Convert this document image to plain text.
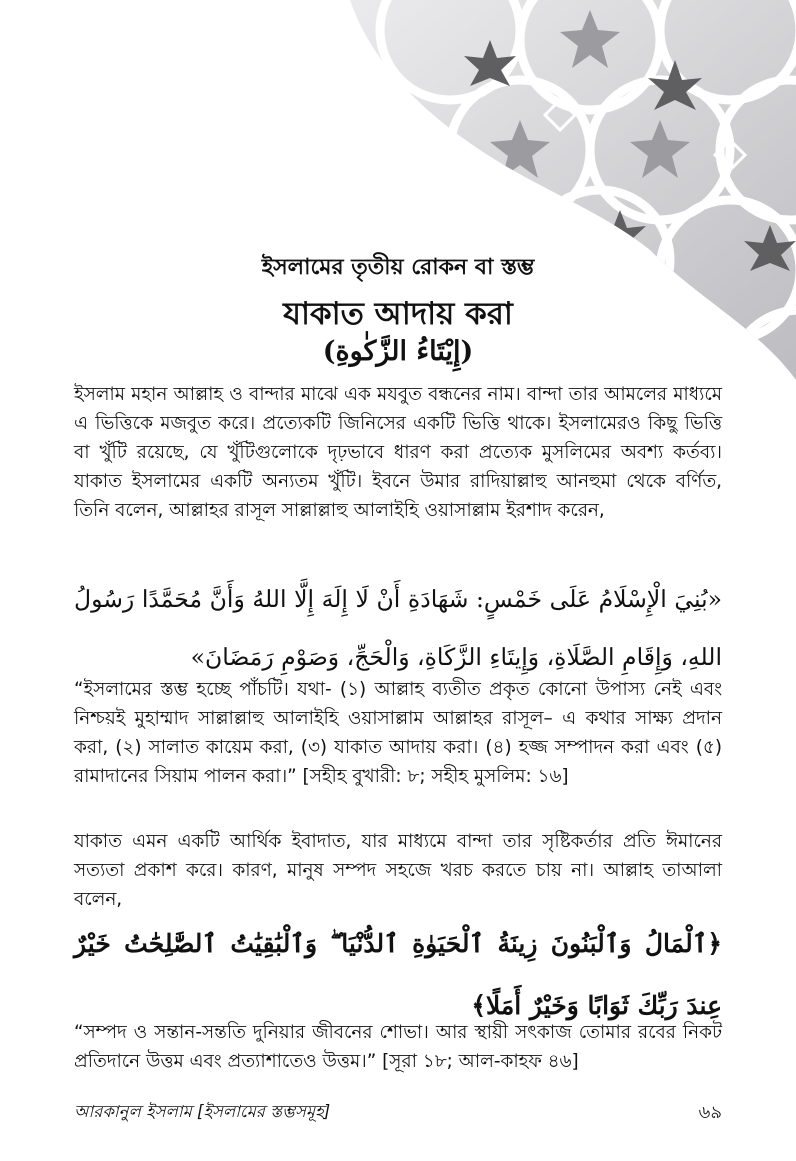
ইসলামের তৃতীয় রোকন বা স্তম্ভ
যাকাত আদায় করা
(إِيْتَاءُ الزَّكٰوةِ)
ইসলাম মহান আল্লাহ ও বান্দার মাঝে এক মযবুত বন্ধনের নাম। বান্দা তার আমলের মাধ্যমে এ ভিত্তিকে মজবুত করে। প্রত্যেকটি জিনিসের একটি ভিত্তি থাকে। ইসলামেরও কিছু ভিত্তি বা খুঁটি রয়েছে, যে খুঁটিগুলোকে দৃঢ়ভাবে ধারণ করা প্রত্যেক মুসলিমের অবশ্য কর্তব্য। যাকাত ইসলামের একটি অন্যতম খুঁটি। ইবনে উমার রাদিয়াল্লাহু আনহুমা থেকে বর্ণিত, তিনি বলেন, আল্লাহর রাসূল সাল্লাল্লাহু আলাইহি ওয়াসাল্লাম ইরশাদ করেন,
«بُنِيَ الْإِسْلَامُ عَلَى خَمْسٍ: شَهَادَةِ أَنْ لَا إِلَهَ إِلَّا اللهُ وَأَنَّ مُحَمَّدًا رَسُولُ اللهِ، وَإِقَامِ الصَّلَاةِ، وَإِيتَاءِ الزَّكَاةِ، وَالْحَجِّ، وَصَوْمِ رَمَضَانَ»
“ইসলামের স্তম্ভ হচ্ছে পাঁচটি। যথা- (১) আল্লাহ ব্যতীত প্রকৃত কোনো উপাস্য নেই এবং নিশ্চয়ই মুহাম্মাদ সাল্লাল্লাহু আলাইহি ওয়াসাল্লাম আল্লাহর রাসূল– এ কথার সাক্ষ্য প্রদান করা, (২) সালাত কায়েম করা, (৩) যাকাত আদায় করা। (৪) হজ্জ সম্পাদন করা এবং (৫) রামাদানের সিয়াম পালন করা।” [সহীহ বুখারী: ৮; সহীহ মুসলিম: ১৬]
যাকাত এমন একটি আর্থিক ইবাদাত, যার মাধ্যমে বান্দা তার সৃষ্টিকর্তার প্রতি ঈমানের সত্যতা প্রকাশ করে। কারণ, মানুষ সম্পদ সহজে খরচ করতে চায় না। আল্লাহ তাআলা বলেন,
﴿ٱلْمَالُ وَٱلْبَنُونَ زِينَةُ ٱلْحَيَوٰةِ ٱلدُّنْيَا ۖ وَٱلْبَٰقِيَٰتُ ٱلصَّٰلِحَٰتُ خَيْرٌ عِندَ رَبِّكَ ثَوَابًا وَخَيْرٌ أَمَلًا﴾
“সম্পদ ও সন্তান-সন্ততি দুনিয়ার জীবনের শোভা। আর স্থায়ী সৎকাজ তোমার রবের নিকট প্রতিদানে উত্তম এবং প্রত্যাশাতেও উত্তম।” [সূরা ১৮; আল-কাহফ ৪৬]
আরকানুল ইসলাম [ইসলামের স্তম্ভসমূহ]	৬৯
